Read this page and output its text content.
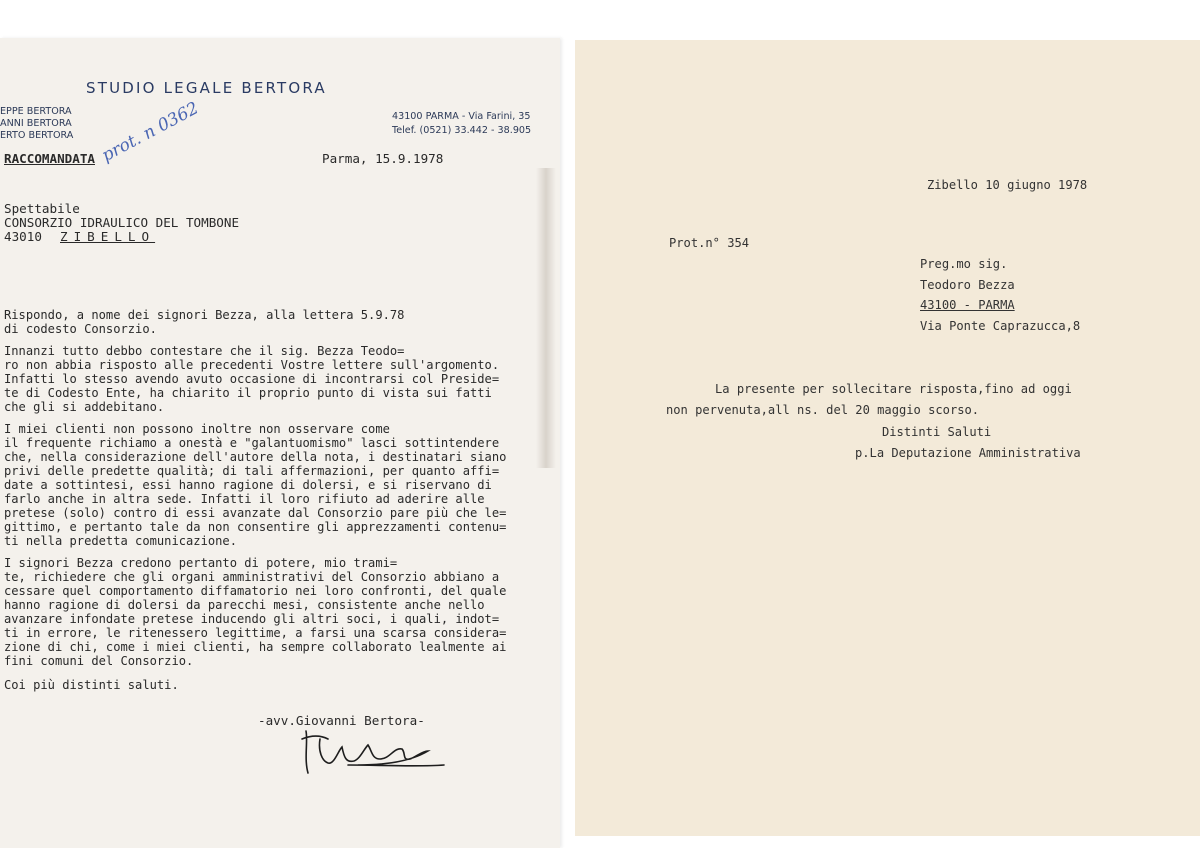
STUDIO LEGALE BERTORA
EPPE BERTORA
ANNI BERTORA
ERTO BERTORA
43100 PARMA - Via Farini, 35
Telef. (0521) 33.442 - 38.905
prot. n 0362
RACCOMANDATA	Parma, 15.9.1978
Spettabile
CONSORZIO IDRAULICO DEL TOMBONE
43010 ZIBELLO
Rispondo, a nome dei signori Bezza, alla lettera 5.9.78
di codesto Consorzio.
Innanzi tutto debbo contestare che il sig. Bezza Teodo=
ro non abbia risposto alle precedenti Vostre lettere sull'argomento.
Infatti lo stesso avendo avuto occasione di incontrarsi col Preside=
te di Codesto Ente, ha chiarito il proprio punto di vista sui fatti
che gli si addebitano.
I miei clienti non possono inoltre non osservare come
il frequente richiamo a onestà e "galantuomismo" lasci sottintendere
che, nella considerazione dell'autore della nota, i destinatari siano
privi delle predette qualità; di tali affermazioni, per quanto affi=
date a sottintesi, essi hanno ragione di dolersi, e si riservano di
farlo anche in altra sede. Infatti il loro rifiuto ad aderire alle
pretese (solo) contro di essi avanzate dal Consorzio pare più che le=
gittimo, e pertanto tale da non consentire gli apprezzamenti contenu=
ti nella predetta comunicazione.
I signori Bezza credono pertanto di potere, mio trami=
te, richiedere che gli organi amministrativi del Consorzio abbiano a
cessare quel comportamento diffamatorio nei loro confronti, del quale
hanno ragione di dolersi da parecchi mesi, consistente anche nello
avanzare infondate pretese inducendo gli altri soci, i quali, indot=
ti in errore, le ritenessero legittime, a farsi una scarsa considera=
zione di chi, come i miei clienti, ha sempre collaborato lealmente ai
fini comuni del Consorzio.
Coi più distinti saluti.
-avv.Giovanni Bertora-
Zibello 10 giugno 1978
Prot.n° 354
Preg.mo sig.
Teodoro Bezza
43100 - PARMA
Via Ponte Caprazucca,8
La presente per sollecitare risposta,fino ad oggi
non pervenuta,all ns. del 20 maggio scorso.
Distinti Saluti
p.La Deputazione Amministrativa
